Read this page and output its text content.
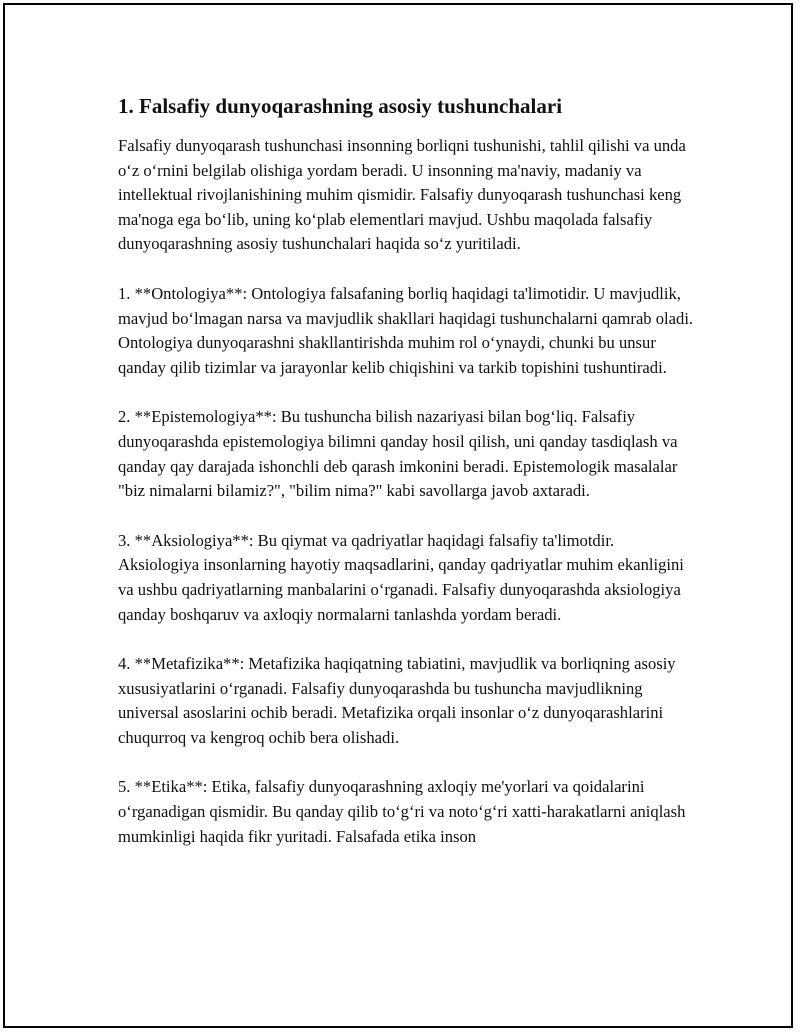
1. Falsafiy dunyoqarashning asosiy tushunchalari

Falsafiy dunyoqarash tushunchasi insonning borliqni tushunishi, tahlil qilishi va unda o‘z o‘rnini belgilab olishiga yordam beradi. U insonning ma'naviy, madaniy va intellektual rivojlanishining muhim qismidir. Falsafiy dunyoqarash tushunchasi keng ma'noga ega bo‘lib, uning ko‘plab elementlari mavjud. Ushbu maqolada falsafiy dunyoqarashning asosiy tushunchalari haqida so‘z yuritiladi.

1. **Ontologiya**: Ontologiya falsafaning borliq haqidagi ta'limotidir. U mavjudlik, mavjud bo‘lmagan narsa va mavjudlik shakllari haqidagi tushunchalarni qamrab oladi. Ontologiya dunyoqarashni shakllantirishda muhim rol o‘ynaydi, chunki bu unsur qanday qilib tizimlar va jarayonlar kelib chiqishini va tarkib topishini tushuntiradi.

2. **Epistemologiya**: Bu tushuncha bilish nazariyasi bilan bog‘liq. Falsafiy dunyoqarashda epistemologiya bilimni qanday hosil qilish, uni qanday tasdiqlash va qanday qay darajada ishonchli deb qarash imkonini beradi. Epistemologik masalalar "biz nimalarni bilamiz?", "bilim nima?" kabi savollarga javob axtaradi.

3. **Aksiologiya**: Bu qiymat va qadriyatlar haqidagi falsafiy ta'limotdir. Aksiologiya insonlarning hayotiy maqsadlarini, qanday qadriyatlar muhim ekanligini va ushbu qadriyatlarning manbalarini o‘rganadi. Falsafiy dunyoqarashda aksiologiya qanday boshqaruv va axloqiy normalarni tanlashda yordam beradi.

4. **Metafizika**: Metafizika haqiqatning tabiatini, mavjudlik va borliqning asosiy xususiyatlarini o‘rganadi. Falsafiy dunyoqarashda bu tushuncha mavjudlikning universal asoslarini ochib beradi. Metafizika orqali insonlar o‘z dunyoqarashlarini chuqurroq va kengroq ochib bera olishadi.

5. **Etika**: Etika, falsafiy dunyoqarashning axloqiy me'yorlari va qoidalarini o‘rganadigan qismidir. Bu qanday qilib to‘g‘ri va noto‘g‘ri xatti-harakatlarni aniqlash mumkinligi haqida fikr yuritadi. Falsafada etika inson
